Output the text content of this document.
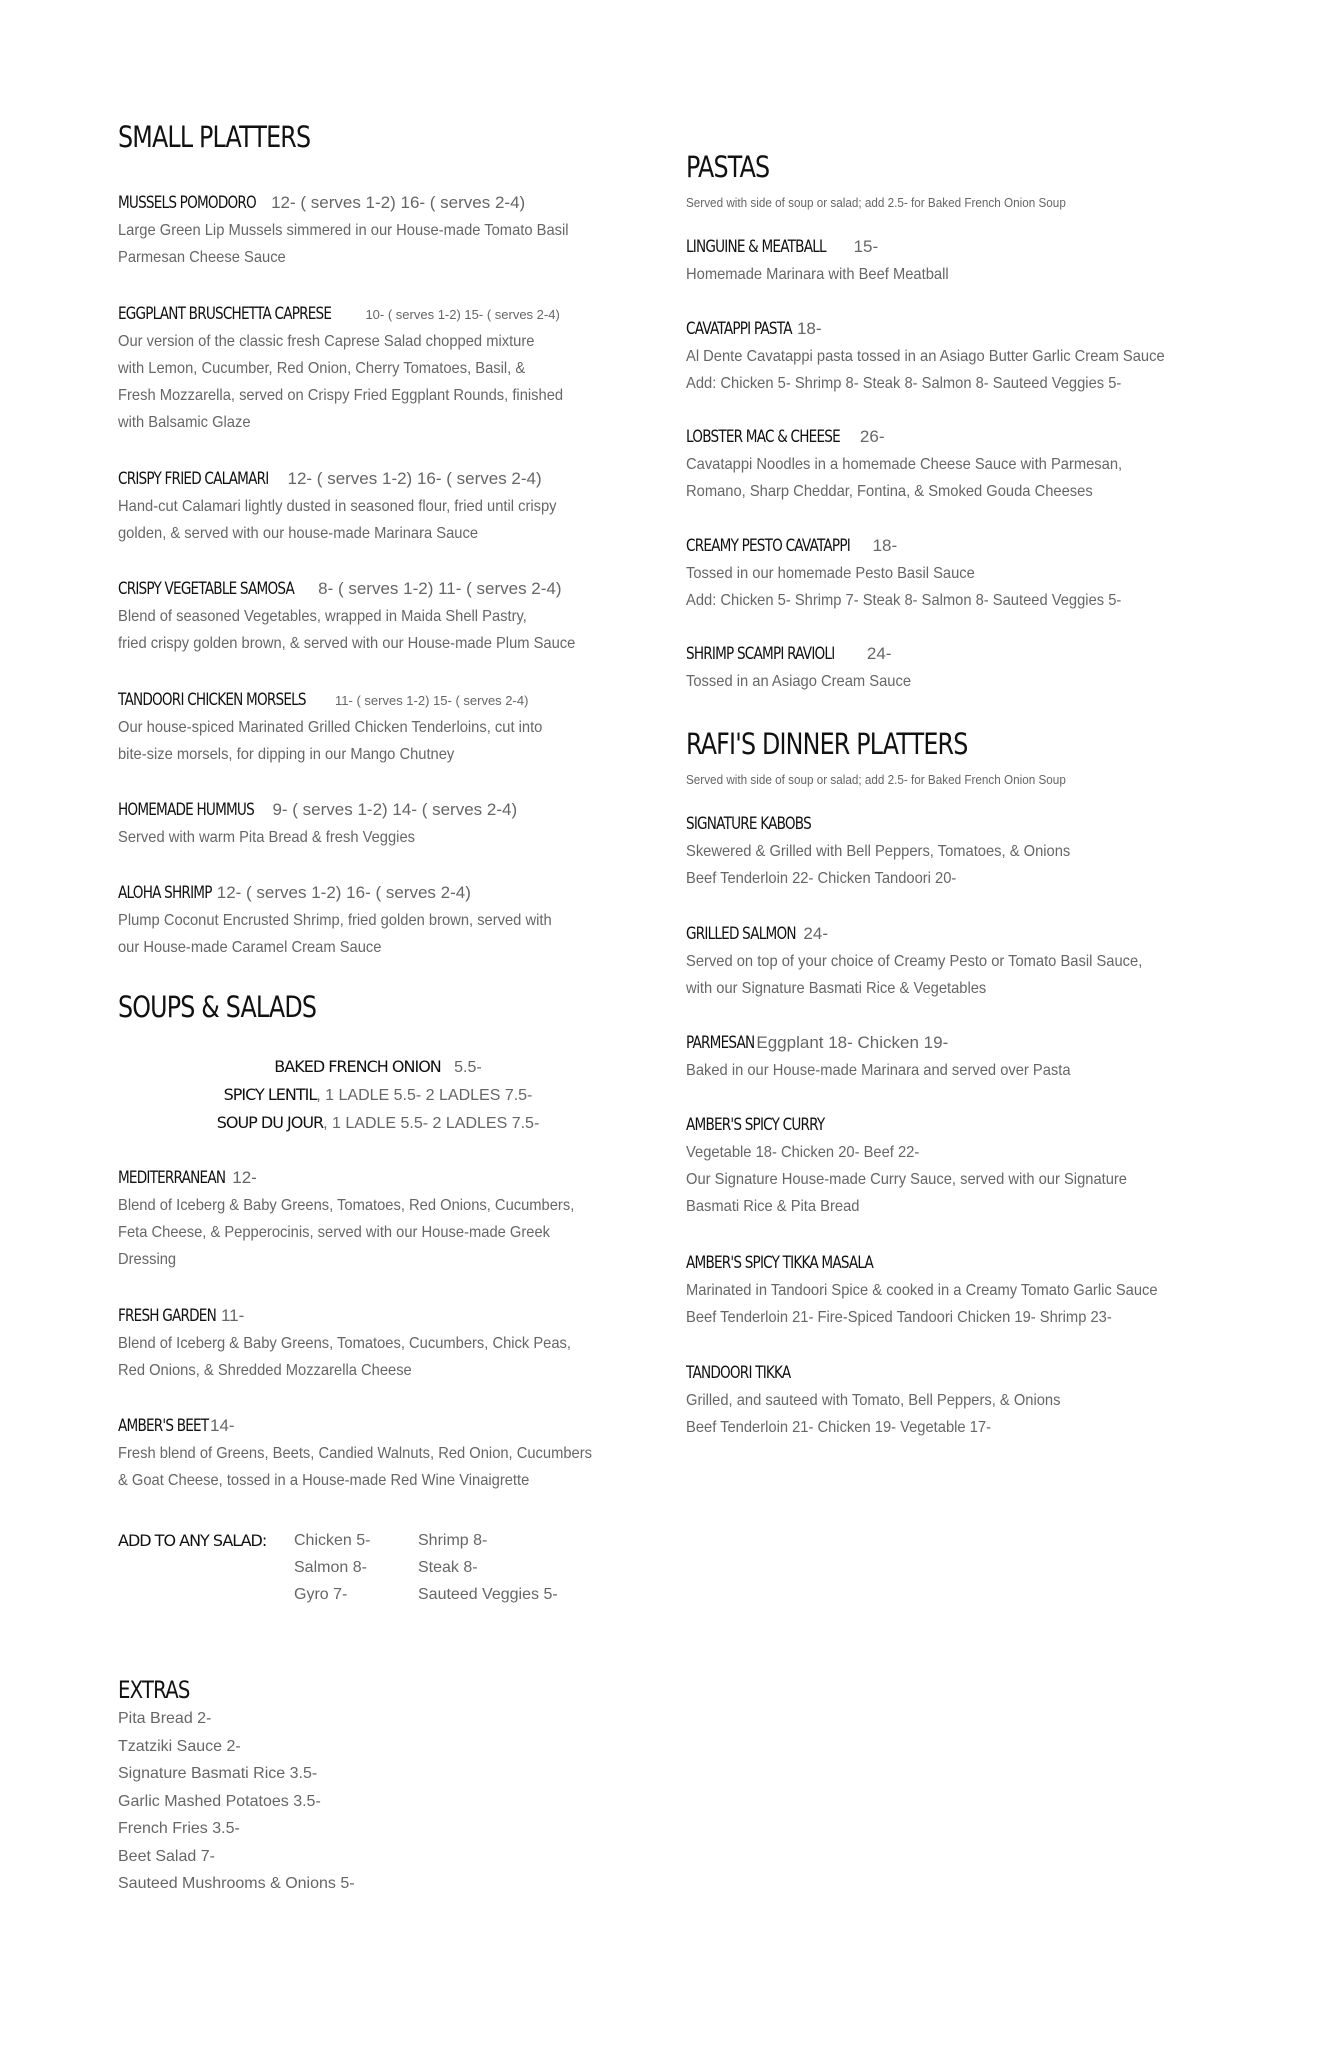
SMALL PLATTERS
MUSSELS POMODORO 12- ( serves 1-2) 16- ( serves 2-4)

Large Green Lip Mussels simmered in our House-made Tomato Basil

Parmesan Cheese Sauce

EGGPLANT BRUSCHETTA CAPRESE	10- ( serves 1-2) 15- ( serves 2-4)

Our version of the classic fresh Caprese Salad chopped mixture

with Lemon, Cucumber, Red Onion, Cherry Tomatoes, Basil, &

Fresh Mozzarella, served on Crispy Fried Eggplant Rounds, finished

with Balsamic Glaze

CRISPY FRIED CALAMARI 12- ( serves 1-2) 16- ( serves 2-4)

Hand-cut Calamari lightly dusted in seasoned flour, fried until crispy

golden, & served with our house-made Marinara Sauce

CRISPY VEGETABLE SAMOSA 8- ( serves 1-2) 11- ( serves 2-4)

Blend of seasoned Vegetables, wrapped in Maida Shell Pastry,

fried crispy golden brown, & served with our House-made Plum Sauce

TANDOORI CHICKEN MORSELS 11- ( serves 1-2) 15- ( serves 2-4)

Our house-spiced Marinated Grilled Chicken Tenderloins, cut into

bite-size morsels, for dipping in our Mango Chutney

HOMEMADE HUMMUS 9- ( serves 1-2) 14- ( serves 2-4)

Served with warm Pita Bread & fresh Veggies

ALOHA SHRIMP 12- ( serves 1-2) 16- ( serves 2-4)

Plump Coconut Encrusted Shrimp, fried golden brown, served with

our House-made Caramel Cream Sauce

SOUPS & SALADS
BAKED FRENCH ONION 5.5-
SPICY LENTIL, 1 LADLE 5.5- 2 LADLES 7.5-
SOUP DU JOUR, 1 LADLE 5.5- 2 LADLES 7.5-
MEDITERRANEAN 12-

Blend of Iceberg & Baby Greens, Tomatoes, Red Onions, Cucumbers,

Feta Cheese, & Pepperocinis, served with our House-made Greek

Dressing

FRESH GARDEN 11-

Blend of Iceberg & Baby Greens, Tomatoes, Cucumbers, Chick Peas,

Red Onions, & Shredded Mozzarella Cheese

AMBER'S BEET14-

Fresh blend of Greens, Beets, Candied Walnuts, Red Onion, Cucumbers

& Goat Cheese, tossed in a House-made Red Wine Vinaigrette

ADD TO ANY SALAD:	Chicken 5-	Shrimp 8-
Salmon 8-	Steak 8-
Gyro 7-	Sauteed Veggies 5-
EXTRAS
Pita Bread 2-
Tzatziki Sauce 2-
Signature Basmati Rice 3.5-
Garlic Mashed Potatoes 3.5-
French Fries 3.5-
Beet Salad 7-
Sauteed Mushrooms & Onions 5-
PASTAS

Served with side of soup or salad; add 2.5- for Baked French Onion Soup

LINGUINE & MEATBALL 15-

Homemade Marinara with Beef Meatball

CAVATAPPI PASTA 18-

Al Dente Cavatappi pasta tossed in an Asiago Butter Garlic Cream Sauce

Add: Chicken 5- Shrimp 8- Steak 8- Salmon 8- Sauteed Veggies 5-

LOBSTER MAC & CHEESE 26-

Cavatappi Noodles in a homemade Cheese Sauce with Parmesan,

Romano, Sharp Cheddar, Fontina, & Smoked Gouda Cheeses

CREAMY PESTO CAVATAPPI 18-

Tossed in our homemade Pesto Basil Sauce

Add: Chicken 5- Shrimp 7- Steak 8- Salmon 8- Sauteed Veggies 5-

SHRIMP SCAMPI RAVIOLI 24-

Tossed in an Asiago Cream Sauce

RAFI'S DINNER PLATTERS

Served with side of soup or salad; add 2.5- for Baked French Onion Soup

SIGNATURE KABOBS

Skewered & Grilled with Bell Peppers, Tomatoes, & Onions

Beef Tenderloin 22- Chicken Tandoori 20-

GRILLED SALMON 24-

Served on top of your choice of Creamy Pesto or Tomato Basil Sauce,

with our Signature Basmati Rice & Vegetables

PARMESAN Eggplant 18- Chicken 19-

Baked in our House-made Marinara and served over Pasta

AMBER'S SPICY CURRY

Vegetable 18- Chicken 20- Beef 22-

Our Signature House-made Curry Sauce, served with our Signature

Basmati Rice & Pita Bread

AMBER'S SPICY TIKKA MASALA

Marinated in Tandoori Spice & cooked in a Creamy Tomato Garlic Sauce

Beef Tenderloin 21- Fire-Spiced Tandoori Chicken 19- Shrimp 23-

TANDOORI TIKKA

Grilled, and sauteed with Tomato, Bell Peppers, & Onions

Beef Tenderloin 21- Chicken 19- Vegetable 17-
